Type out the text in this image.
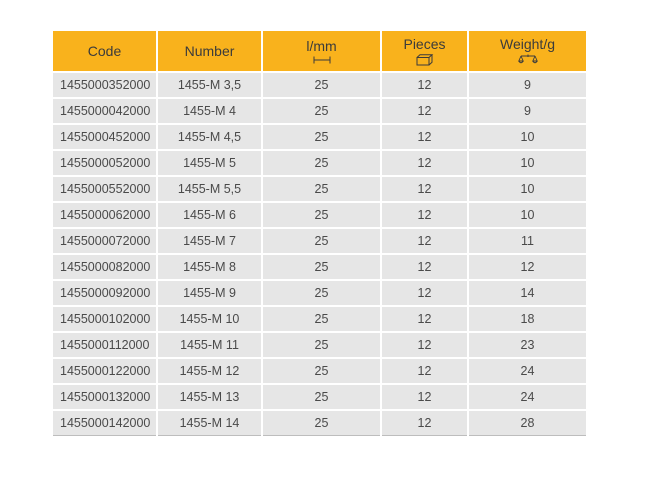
Code	Number	l/mm	Pieces	Weight/g

1455000352000	1455-M 3,5	25	12	9
1455000042000	1455-M 4	25	12	9
1455000452000	1455-M 4,5	25	12	10
1455000052000	1455-M 5	25	12	10
1455000552000	1455-M 5,5	25	12	10
1455000062000	1455-M 6	25	12	10
1455000072000	1455-M 7	25	12	11
1455000082000	1455-M 8	25	12	12
1455000092000	1455-M 9	25	12	14
1455000102000	1455-M 10	25	12	18
1455000112000	1455-M 11	25	12	23
1455000122000	1455-M 12	25	12	24
1455000132000	1455-M 13	25	12	24
1455000142000	1455-M 14	25	12	28
